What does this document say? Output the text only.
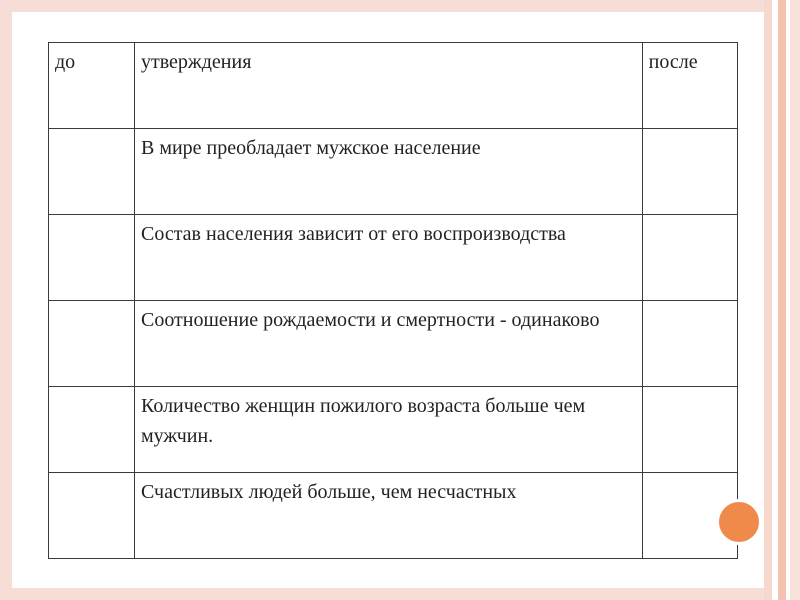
до	утверждения	после
	В мире преобладает мужское население	
	Состав населения зависит от его воспроизводства	
	Соотношение рождаемости и смертности - одинаково	
	Количество женщин пожилого возраста больше чем мужчин.	
	Счастливых людей больше, чем несчастных	
